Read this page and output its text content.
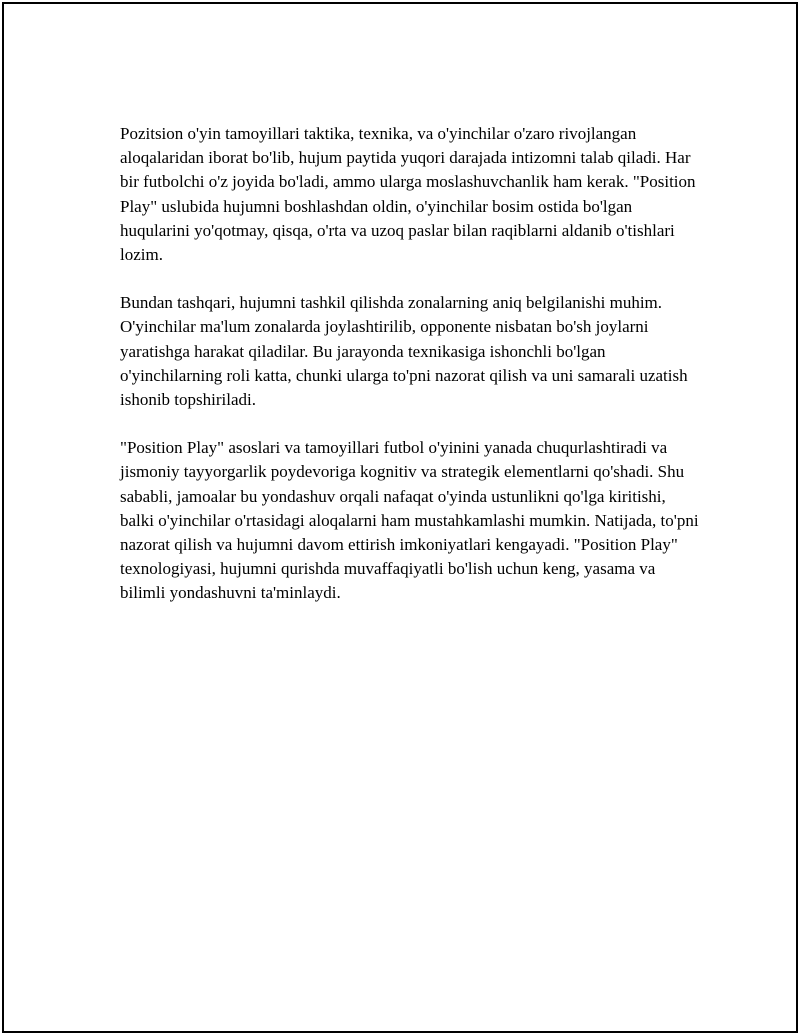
Pozitsion o'yin tamoyillari taktika, texnika, va o'yinchilar o'zaro rivojlangan aloqalaridan iborat bo'lib, hujum paytida yuqori darajada intizomni talab qiladi. Har bir futbolchi o'z joyida bo'ladi, ammo ularga moslashuvchanlik ham kerak. "Position Play" uslubida hujumni boshlashdan oldin, o'yinchilar bosim ostida bo'lgan huqularini yo'qotmay, qisqa, o'rta va uzoq paslar bilan raqiblarni aldanib o'tishlari lozim.

Bundan tashqari, hujumni tashkil qilishda zonalarning aniq belgilanishi muhim. O'yinchilar ma'lum zonalarda joylashtirilib, opponente nisbatan bo'sh joylarni yaratishga harakat qiladilar. Bu jarayonda texnikasiga ishonchli bo'lgan o'yinchilarning roli katta, chunki ularga to'pni nazorat qilish va uni samarali uzatish ishonib topshiriladi.

"Position Play" asoslari va tamoyillari futbol o'yinini yanada chuqurlashtiradi va jismoniy tayyorgarlik poydevoriga kognitiv va strategik elementlarni qo'shadi. Shu sababli, jamoalar bu yondashuv orqali nafaqat o'yinda ustunlikni qo'lga kiritishi, balki o'yinchilar o'rtasidagi aloqalarni ham mustahkamlashi mumkin. Natijada, to'pni nazorat qilish va hujumni davom ettirish imkoniyatlari kengayadi. "Position Play" texnologiyasi, hujumni qurishda muvaffaqiyatli bo'lish uchun keng, yasama va bilimli yondashuvni ta'minlaydi.
